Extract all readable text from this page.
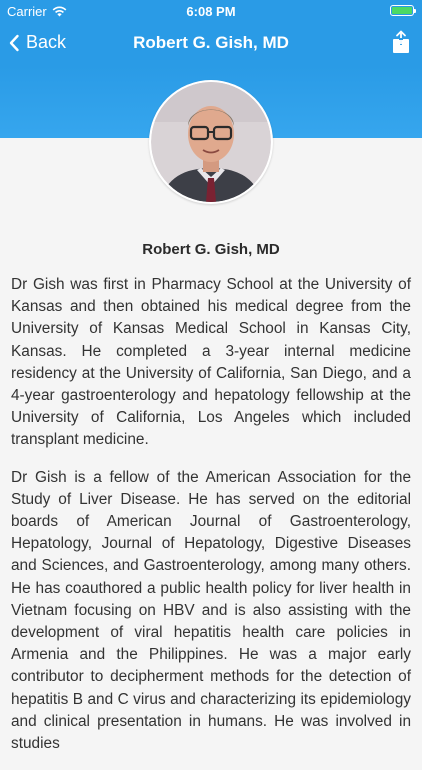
Carrier	6:08 PM
Back	Robert G. Gish, MD
Robert G. Gish, MD

Dr Gish was first in Pharmacy School at the University of Kansas and then obtained his medical degree from the University of Kansas Medical School in Kansas City, Kansas. He completed a 3-year internal medicine residency at the University of California, San Diego, and a 4-year gastroenterology and hepatology fellowship at the University of California, Los Angeles which included transplant medicine.

Dr Gish is a fellow of the American Association for the Study of Liver Disease. He has served on the editorial boards of American Journal of Gastroenterology, Hepatology, Journal of Hepatology, Digestive Diseases and Sciences, and Gastroenterology, among many others. He has coauthored a public health policy for liver health in Vietnam focusing on HBV and is also assisting with the development of viral hepatitis health care policies in Armenia and the Philippines. He was a major early contributor to decipherment methods for the detection of hepatitis B and C virus and characterizing its epidemiology and clinical presentation in humans. He was involved in studies
